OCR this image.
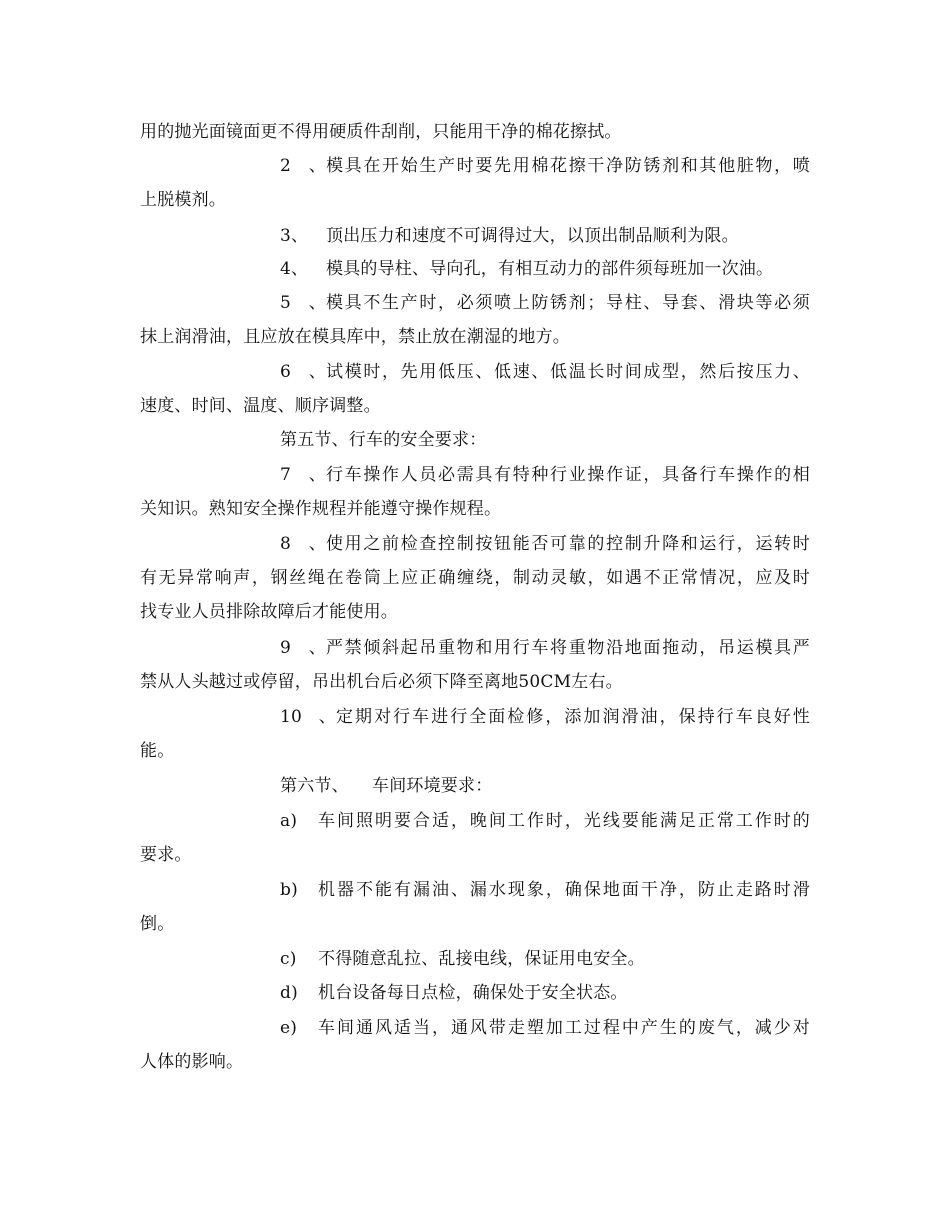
用的抛光面镜面更不得用硬质件刮削，只能用干净的棉花擦拭。
2、 模具在开始生产时要先用棉花擦干净防锈剂和其他脏物，喷
上脱模剂。
3、 顶出压力和速度不可调得过大，以顶出制品顺利为限。
4、 模具的导柱、导向孔，有相互动力的部件须每班加一次油。
5、 模具不生产时，必须喷上防锈剂；导柱、导套、滑块等必须
抹上润滑油，且应放在模具库中，禁止放在潮湿的地方。
6、 试模时，先用低压、低速、低温长时间成型，然后按压力、
速度、时间、温度、顺序调整。
第五节、行车的安全要求：
7、 行车操作人员必需具有特种行业操作证，具备行车操作的相
关知识。熟知安全操作规程并能遵守操作规程。
8、 使用之前检查控制按钮能否可靠的控制升降和运行，运转时
有无异常响声，钢丝绳在卷筒上应正确缠绕，制动灵敏，如遇不正常情况，应及时
找专业人员排除故障后才能使用。
9、 严禁倾斜起吊重物和用行车将重物沿地面拖动，吊运模具严
禁从人头越过或停留，吊出机台后必须下降至离地50CM左右。
10、 定期对行车进行全面检修，添加润滑油，保持行车良好性
能。
第六节、 车间环境要求：
a)	车间照明要合适，晚间工作时，光线要能满足正常工作时的
要求。
b)	机器不能有漏油、漏水现象，确保地面干净，防止走路时滑
倒。
c) 不得随意乱拉、乱接电线，保证用电安全。
d) 机台设备每日点检，确保处于安全状态。
e)	车间通风适当，通风带走塑加工过程中产生的废气，减少对
人体的影响。
